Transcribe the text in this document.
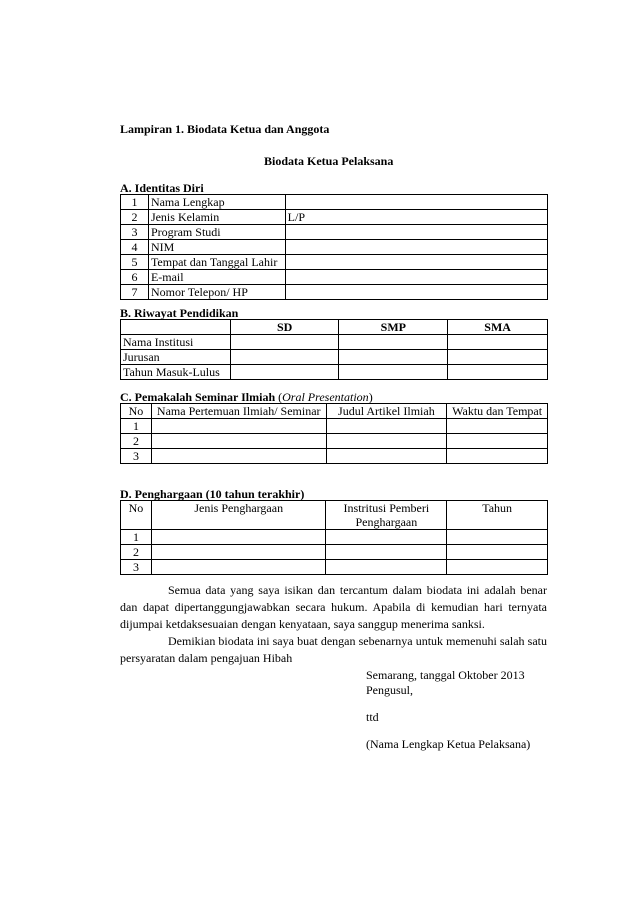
Lampiran 1. Biodata Ketua dan Anggota
Biodata Ketua Pelaksana
A. Identitas Diri
1	Nama Lengkap	
2	Jenis Kelamin	L/P
3	Program Studi	
4	NIM	
5	Tempat dan Tanggal Lahir	
6	E-mail	
7	Nomor Telepon/ HP	
B. Riwayat Pendidikan
	SD	SMP	SMA
Nama Institusi			
Jurusan			
Tahun Masuk-Lulus			
C. Pemakalah Seminar Ilmiah (Oral Presentation)
No	Nama Pertemuan Ilmiah/ Seminar	Judul Artikel Ilmiah	Waktu dan Tempat
1			
2			
3			
D. Penghargaan (10 tahun terakhir)
No	Jenis Penghargaan	Instritusi Pemberi Penghargaan	Tahun
1			
2			
3			
Semua data yang saya isikan dan tercantum dalam biodata ini adalah benar dan dapat dipertanggungjawabkan secara hukum. Apabila di kemudian hari ternyata dijumpai ketdaksesuaian dengan kenyataan, saya sanggup menerima sanksi.
Demikian biodata ini saya buat dengan sebenarnya untuk memenuhi salah satu persyaratan dalam pengajuan Hibah
Semarang, tanggal Oktober 2013
Pengusul,
ttd
(Nama Lengkap Ketua Pelaksana)
